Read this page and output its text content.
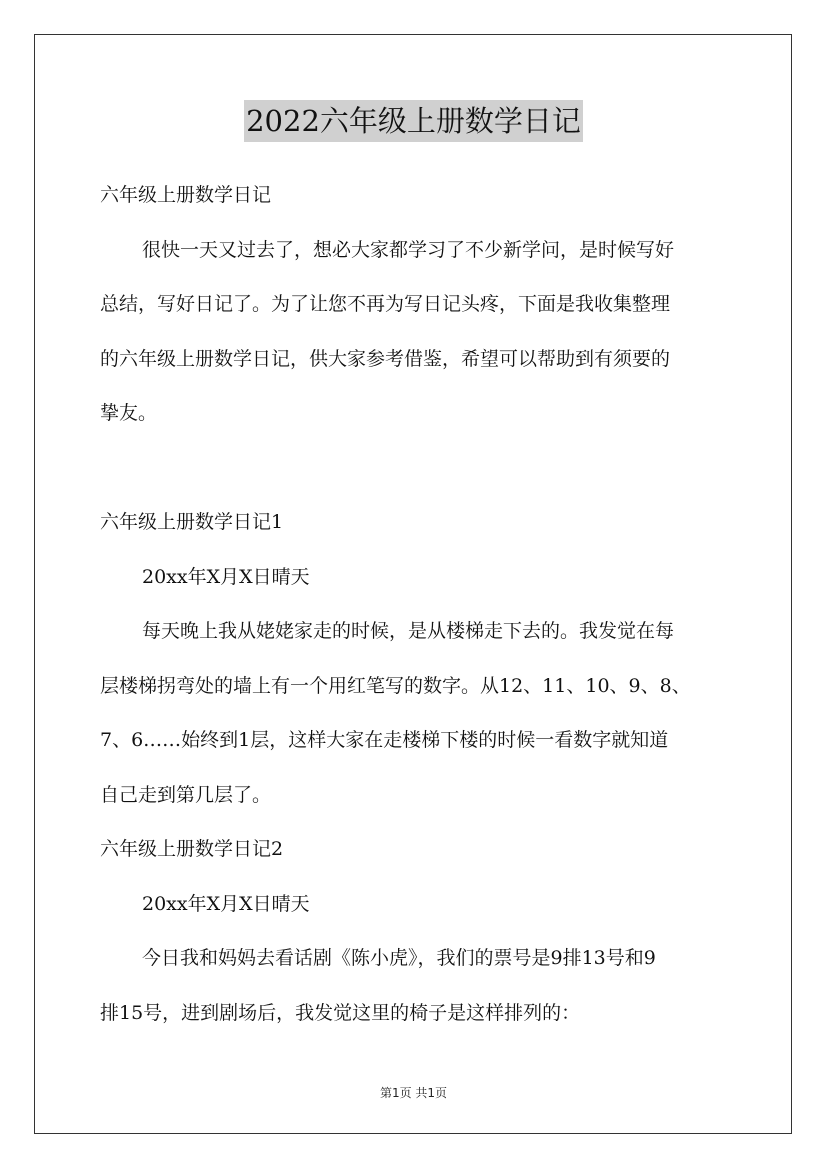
2022六年级上册数学日记
六年级上册数学日记
很快一天又过去了，想必大家都学习了不少新学问，是时候写好
总结，写好日记了。为了让您不再为写日记头疼，下面是我收集整理
的六年级上册数学日记，供大家参考借鉴，希望可以帮助到有须要的
挚友。
六年级上册数学日记1
20xx年X月X日晴天
每天晚上我从姥姥家走的时候，是从楼梯走下去的。我发觉在每
层楼梯拐弯处的墙上有一个用红笔写的数字。从12、11、10、9、8、
7、6……始终到1层，这样大家在走楼梯下楼的时候一看数字就知道
自己走到第几层了。
六年级上册数学日记2
20xx年X月X日晴天
今日我和妈妈去看话剧《陈小虎》，我们的票号是9排13号和9
排15号，进到剧场后，我发觉这里的椅子是这样排列的：
第1页 共1页
